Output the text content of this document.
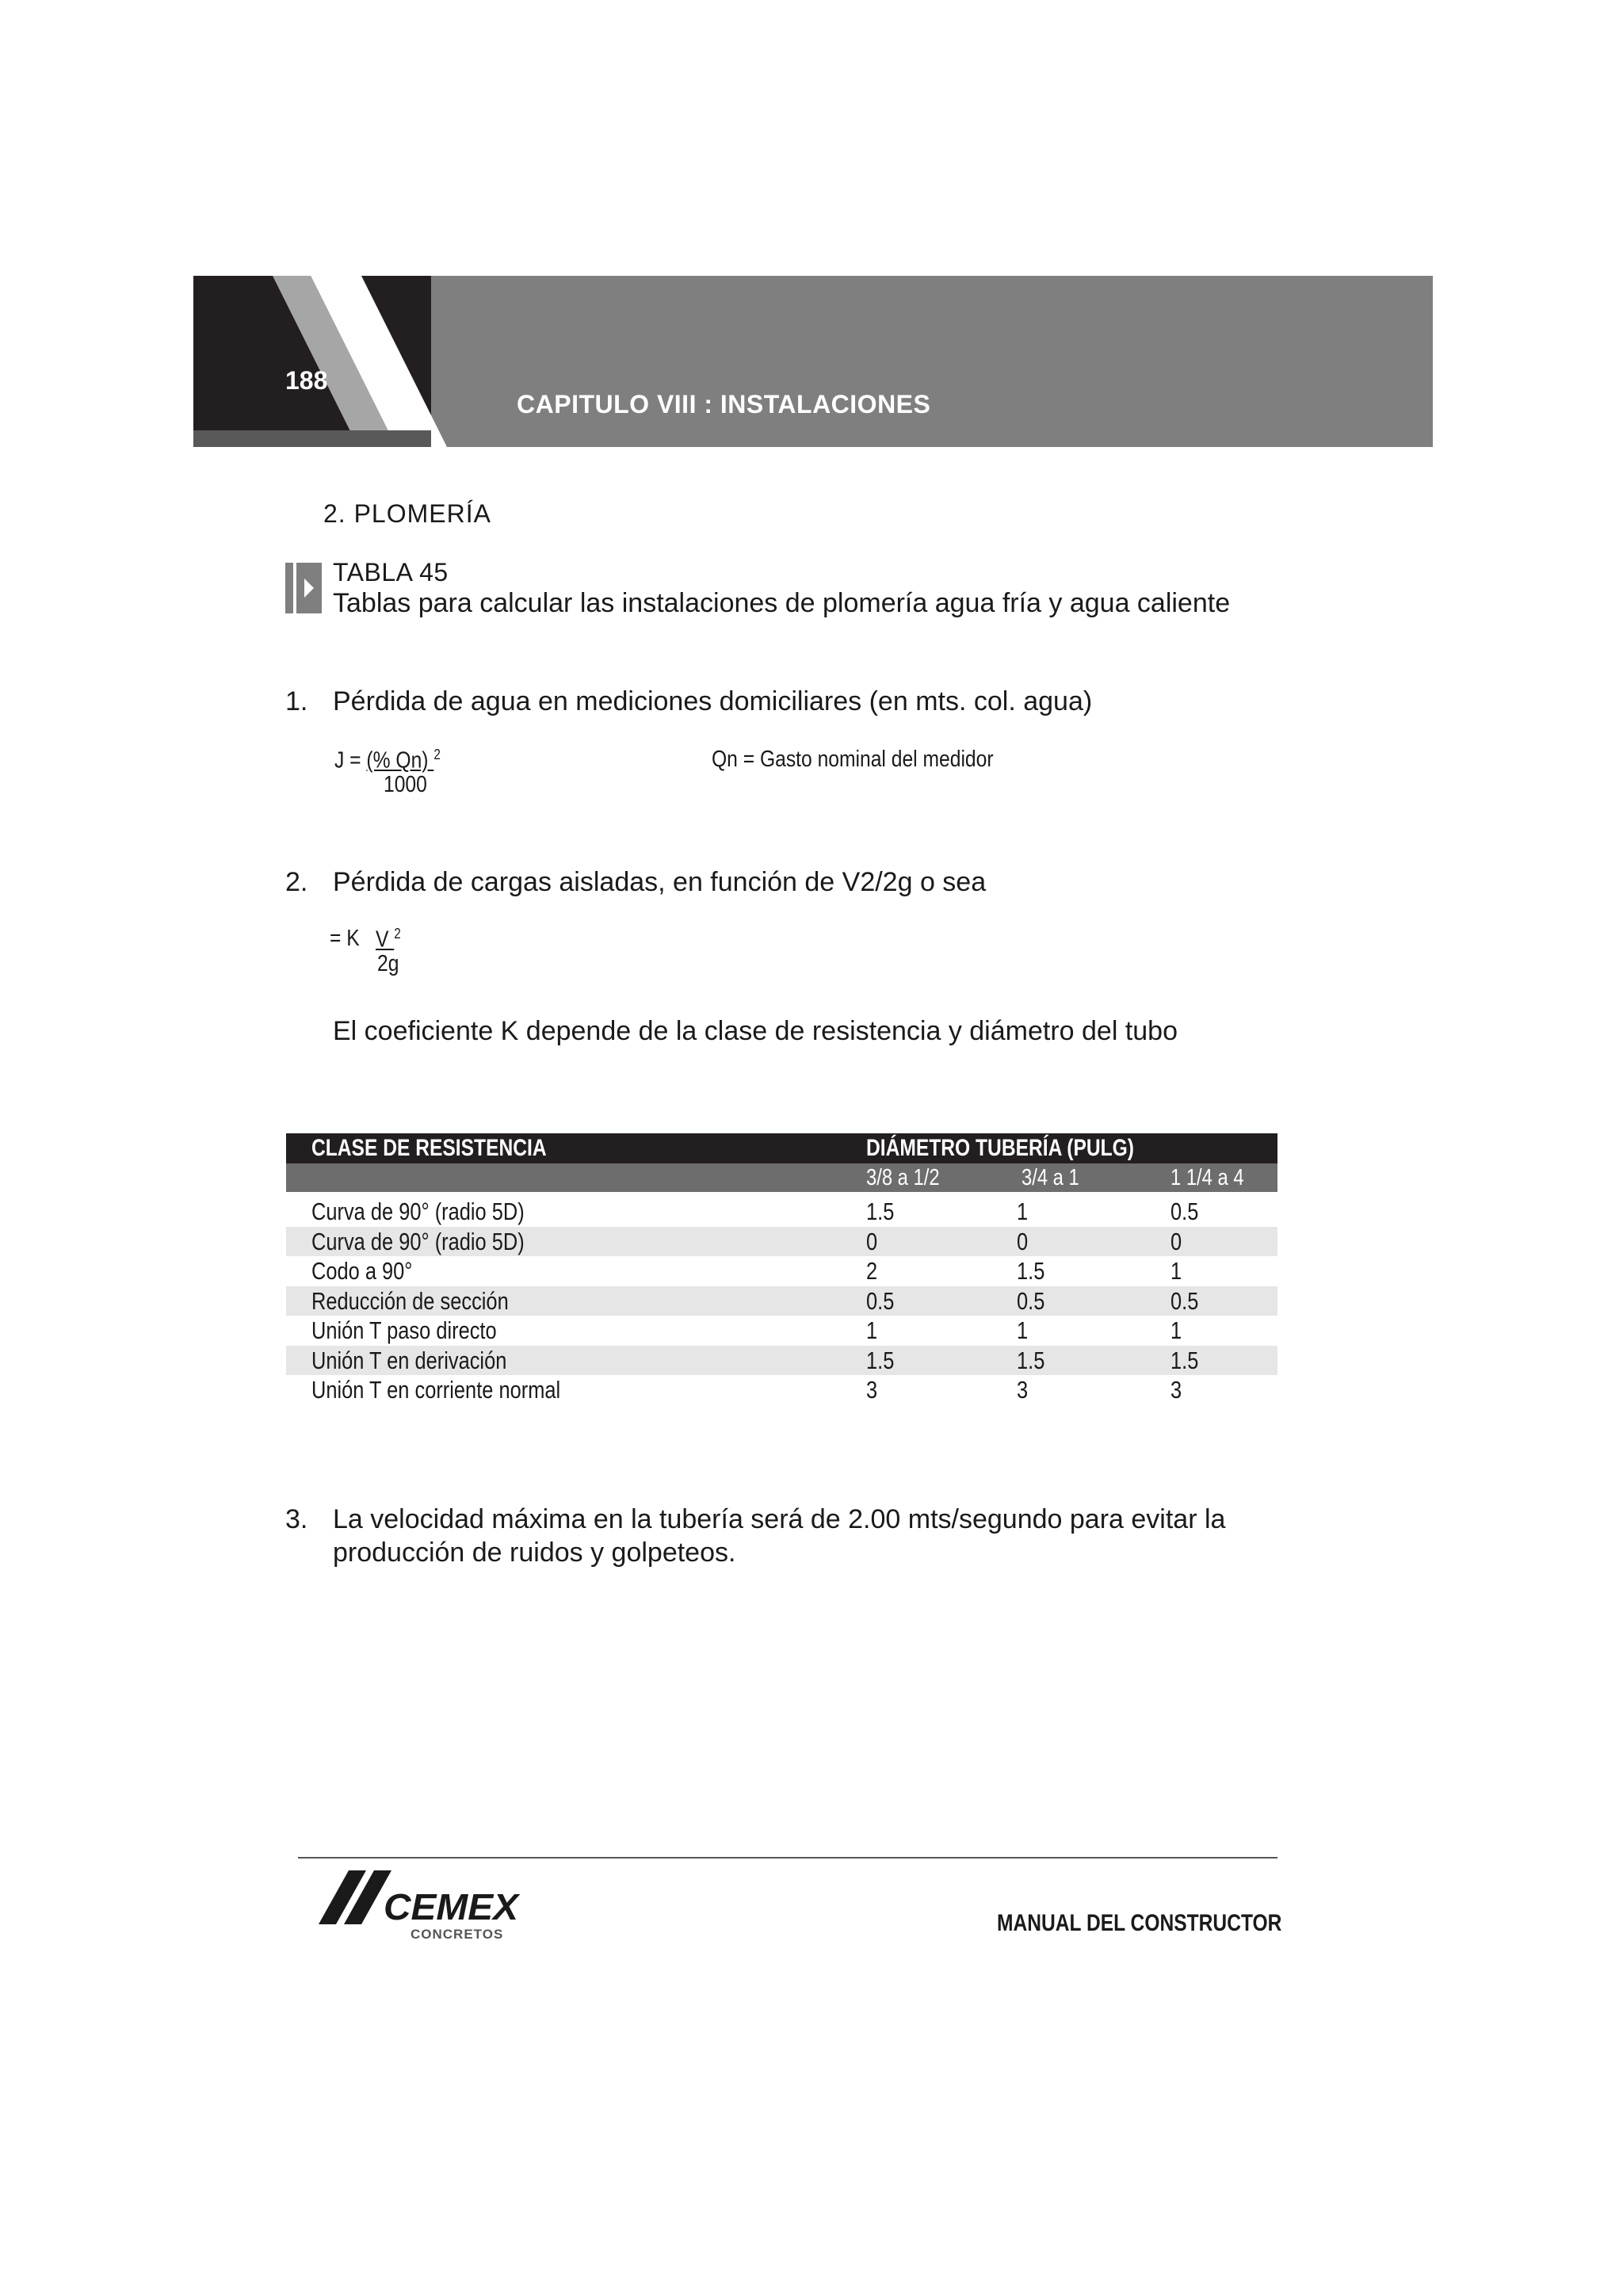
188
CAPITULO VIII : INSTALACIONES
2. PLOMERÍA
TABLA 45
Tablas para calcular las instalaciones de plomería agua fría y agua caliente
1. Pérdida de agua en mediciones domiciliares (en mts. col. agua)
J = (% Qn) $^2$
1000
Qn = Gasto nominal del medidor
2. Pérdida de cargas aisladas, en función de V2/2g o sea
= K V $^2$
2g
El coeficiente K depende de la clase de resistencia y diámetro del tubo
CLASE DE RESISTENCIA	DIÁMETRO TUBERÍA (PULG)
3/8 a 1/2	3/4 a 1	1 1/4 a 4
Curva de 90° (radio 5D)	1.5	1	0.5
Curva de 90° (radio 5D)	0	0	0
Codo a 90°	2	1.5	1
Reducción de sección	0.5	0.5	0.5
Unión T paso directo	1	1	1
Unión T en derivación	1.5	1.5	1.5
Unión T en corriente normal	3	3	3
3. La velocidad máxima en la tubería será de 2.00 mts/segundo para evitar la
producción de ruidos y golpeteos.
CEMEX
CONCRETOS	MANUAL DEL CONSTRUCTOR
